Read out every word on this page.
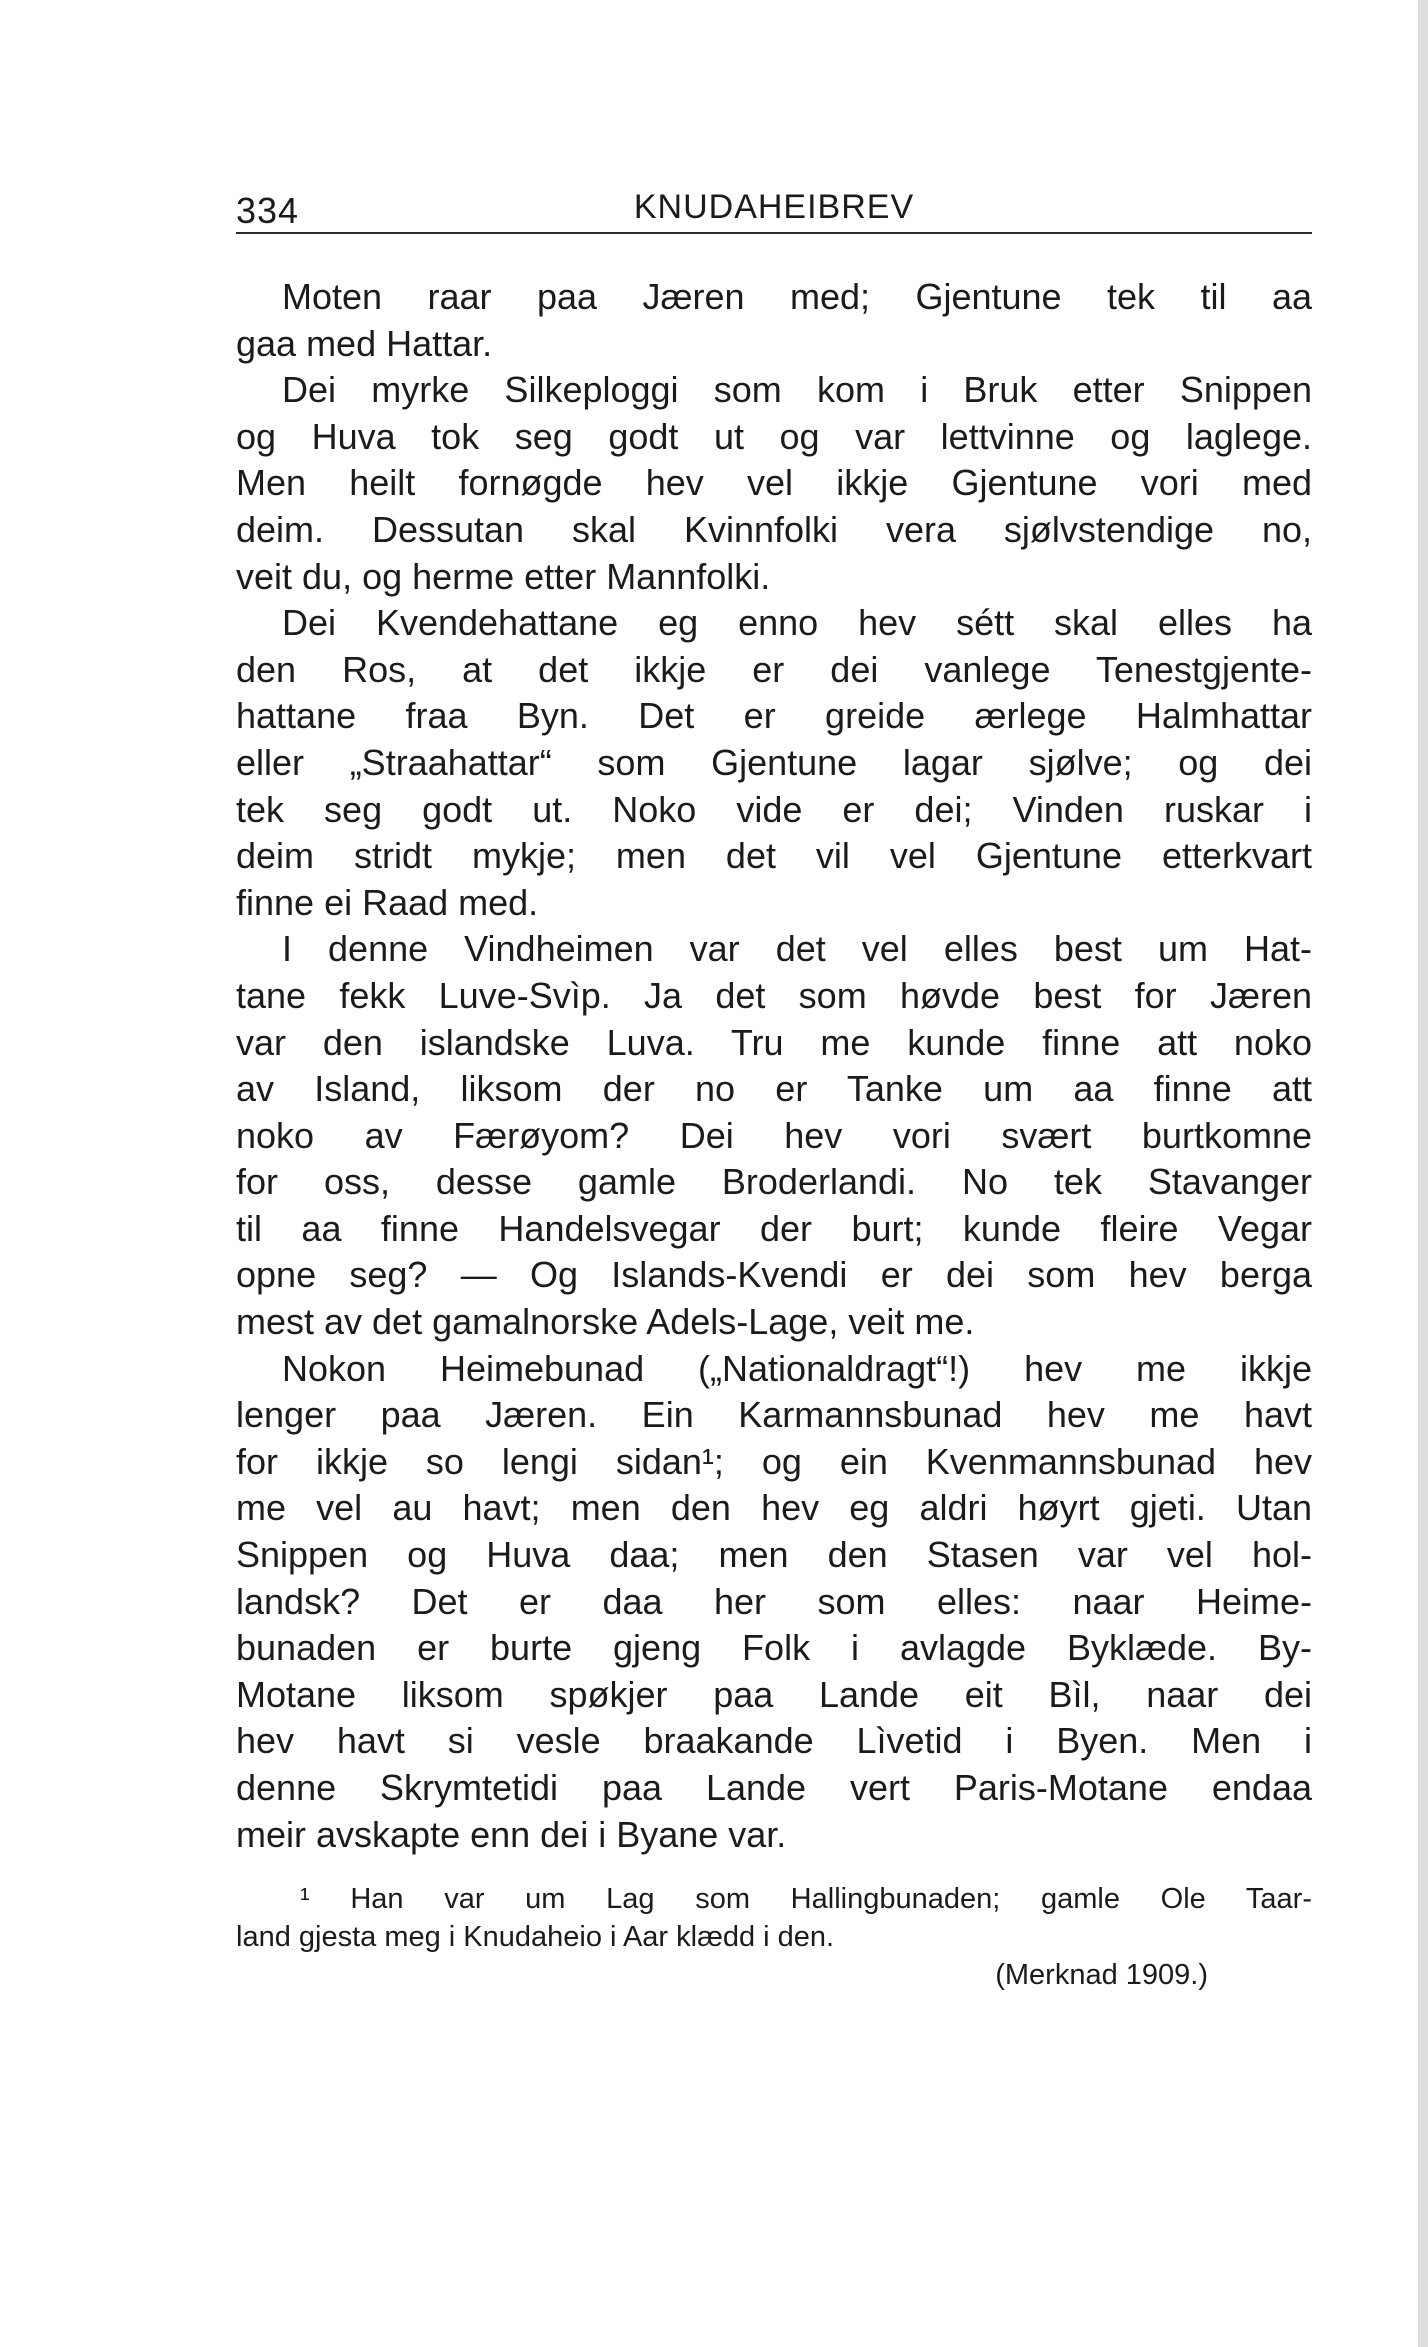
334	KNUDAHEIBREV
Moten raar paa Jæren med; Gjentune tek til aa
gaa med Hattar.
Dei myrke Silkeploggi som kom i Bruk etter Snippen
og Huva tok seg godt ut og var lettvinne og laglege.
Men heilt fornøgde hev vel ikkje Gjentune vori med
deim. Dessutan skal Kvinnfolki vera sjølvstendige no,
veit du, og herme etter Mannfolki.
Dei Kvendehattane eg enno hev sétt skal elles ha
den Ros, at det ikkje er dei vanlege Tenestgjente-
hattane fraa Byn. Det er greide ærlege Halmhattar
eller „Straahattar“ som Gjentune lagar sjølve; og dei
tek seg godt ut. Noko vide er dei; Vinden ruskar i
deim stridt mykje; men det vil vel Gjentune etterkvart
finne ei Raad med.
I denne Vindheimen var det vel elles best um Hat-
tane fekk Luve-Svìp. Ja det som høvde best for Jæren
var den islandske Luva. Tru me kunde finne att noko
av Island, liksom der no er Tanke um aa finne att
noko av Færøyom? Dei hev vori svært burtkomne
for oss, desse gamle Broderlandi. No tek Stavanger
til aa finne Handelsvegar der burt; kunde fleire Vegar
opne seg? — Og Islands-Kvendi er dei som hev berga
mest av det gamalnorske Adels-Lage, veit me.
Nokon Heimebunad („Nationaldragt“!) hev me ikkje
lenger paa Jæren. Ein Karmannsbunad hev me havt
for ikkje so lengi sidan¹; og ein Kvenmannsbunad hev
me vel au havt; men den hev eg aldri høyrt gjeti. Utan
Snippen og Huva daa; men den Stasen var vel hol-
landsk? Det er daa her som elles: naar Heime-
bunaden er burte gjeng Folk i avlagde Byklæde. By-
Motane liksom spøkjer paa Lande eit Bìl, naar dei
hev havt si vesle braakande Lìvetid i Byen. Men i
denne Skrymtetidi paa Lande vert Paris-Motane endaa
meir avskapte enn dei i Byane var.
¹ Han var um Lag som Hallingbunaden; gamle Ole Taar-
land gjesta meg i Knudaheio i Aar klædd i den.
(Merknad 1909.)
